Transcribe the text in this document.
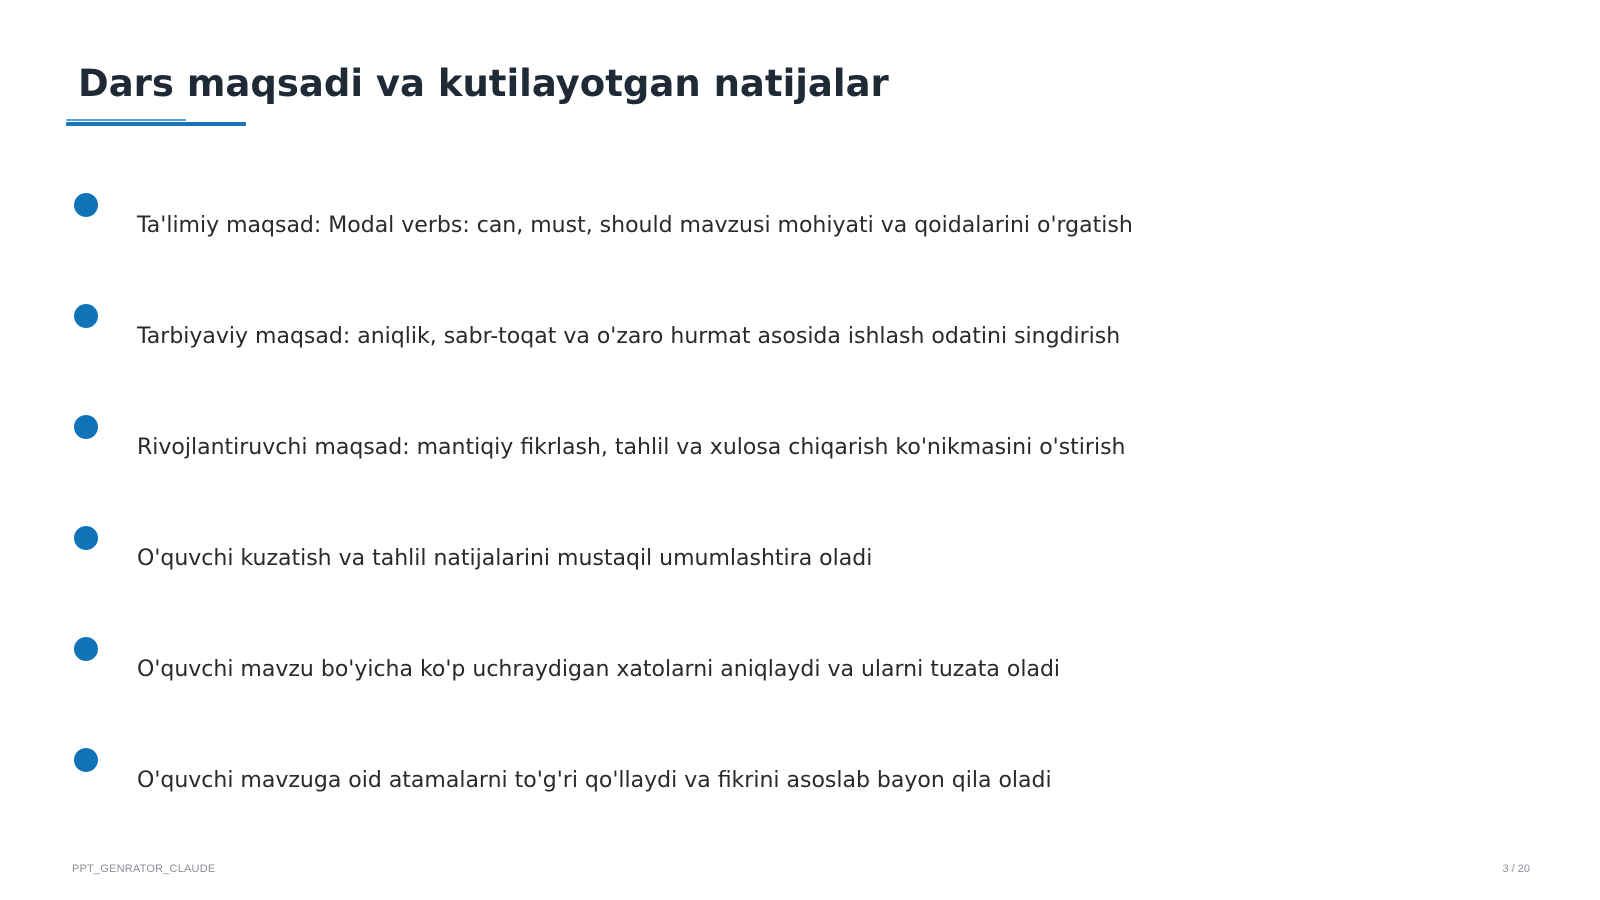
Dars maqsadi va kutilayotgan natijalar
Ta'limiy maqsad: Modal verbs: can, must, should mavzusi mohiyati va qoidalarini o'rgatish
Tarbiyaviy maqsad: aniqlik, sabr-toqat va o'zaro hurmat asosida ishlash odatini singdirish
Rivojlantiruvchi maqsad: mantiqiy fikrlash, tahlil va xulosa chiqarish ko'nikmasini o'stirish
O'quvchi kuzatish va tahlil natijalarini mustaqil umumlashtira oladi
O'quvchi mavzu bo'yicha ko'p uchraydigan xatolarni aniqlaydi va ularni tuzata oladi
O'quvchi mavzuga oid atamalarni to'g'ri qo'llaydi va fikrini asoslab bayon qila oladi
PPT_GENRATOR_CLAUDE	3 / 20
